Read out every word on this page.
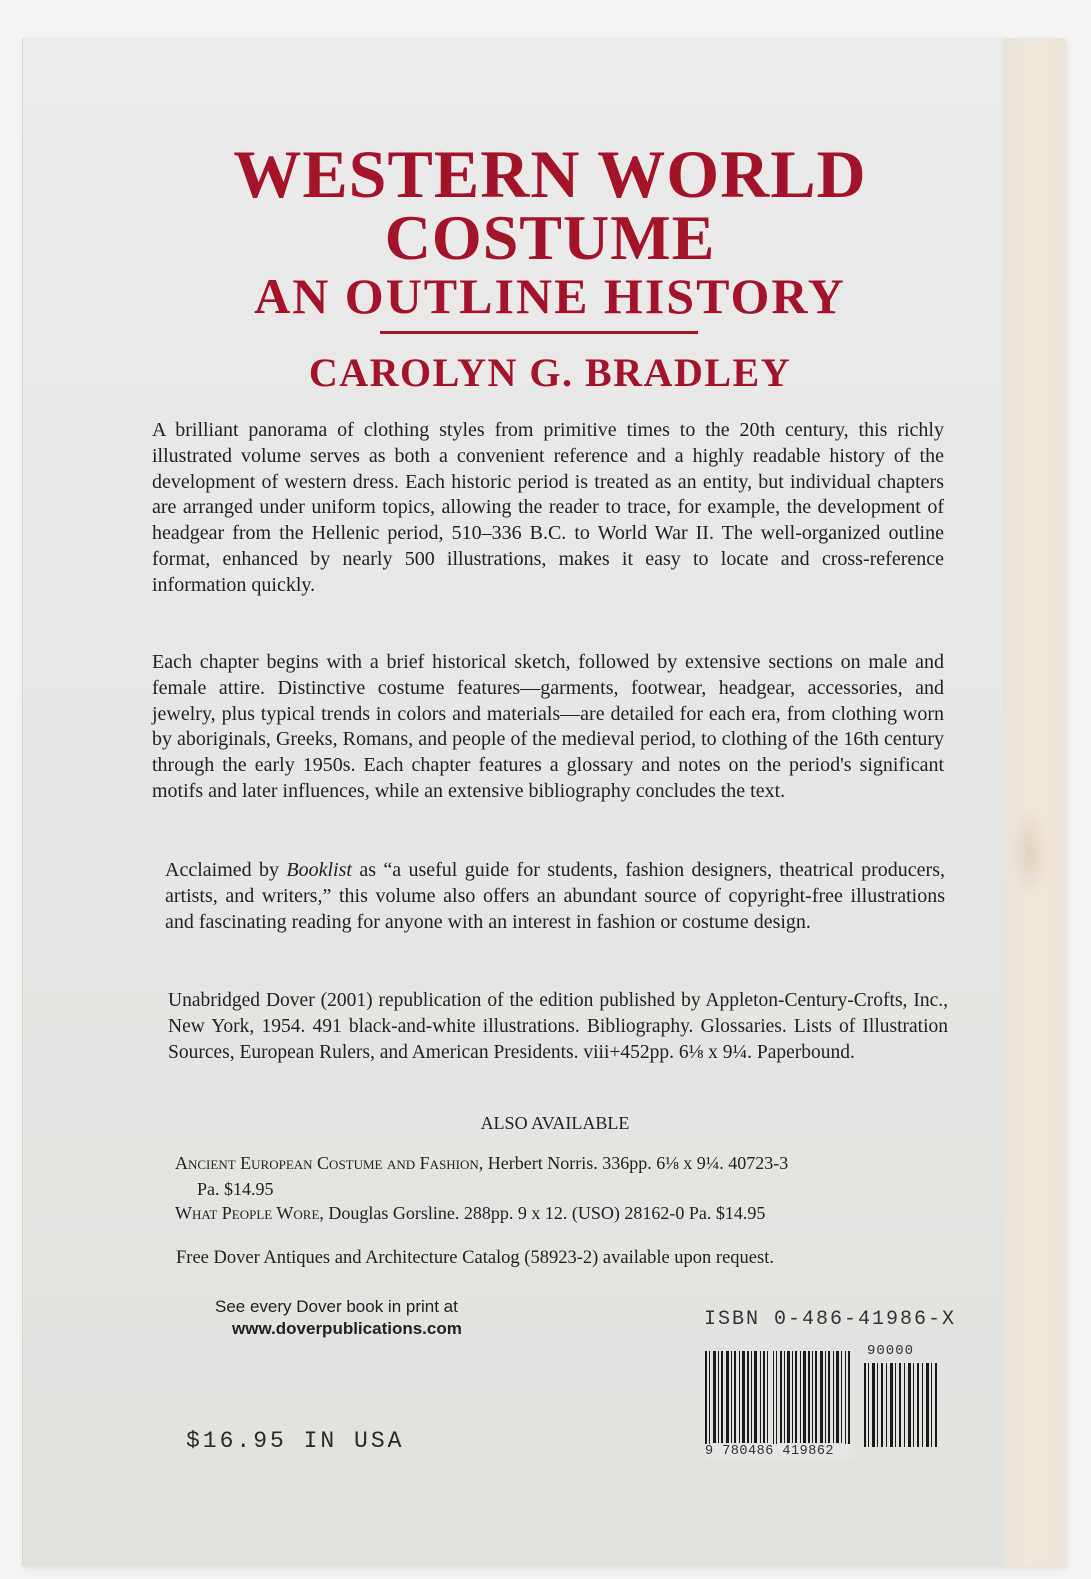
WESTERN WORLD
COSTUME
AN OUTLINE HISTORY
CAROLYN G. BRADLEY

A brilliant panorama of clothing styles from primitive times to the 20th century, this richly illustrated volume serves as both a convenient reference and a highly readable history of the development of western dress. Each historic period is treated as an entity, but individual chapters are arranged under uniform topics, allowing the reader to trace, for example, the development of headgear from the Hellenic period, 510–336 B.C. to World War II. The well-organized outline format, enhanced by nearly 500 illustrations, makes it easy to locate and cross-reference information quickly.

Each chapter begins with a brief historical sketch, followed by extensive sections on male and female attire. Distinctive costume features—garments, footwear, headgear, accessories, and jewelry, plus typical trends in colors and materials—are detailed for each era, from clothing worn by aboriginals, Greeks, Romans, and people of the medieval period, to clothing of the 16th century through the early 1950s. Each chapter features a glossary and notes on the period's significant motifs and later influences, while an extensive bibliography concludes the text.

Acclaimed by Booklist as “a useful guide for students, fashion designers, theatrical producers, artists, and writers,” this volume also offers an abundant source of copyright-free illustrations and fascinating reading for anyone with an interest in fashion or costume design.

Unabridged Dover (2001) republication of the edition published by Appleton-Century-Crofts, Inc., New York, 1954. 491 black-and-white illustrations. Bibliography. Glossaries. Lists of Illustration Sources, European Rulers, and American Presidents. viii+452pp. 6⅛ x 9¼. Paperbound.

ALSO AVAILABLE

Ancient European Costume and Fashion, Herbert Norris. 336pp. 6⅛ x 9¼. 40723-3
Pa. $14.95

What People Wore, Douglas Gorsline. 288pp. 9 x 12. (USO) 28162-0 Pa. $14.95

Free Dover Antiques and Architecture Catalog (58923-2) available upon request.

See every Dover book in print at

www.doverpublications.com	ISBN 0-486-41986-X

90000
9 780486 419862

$16.95 IN USA
